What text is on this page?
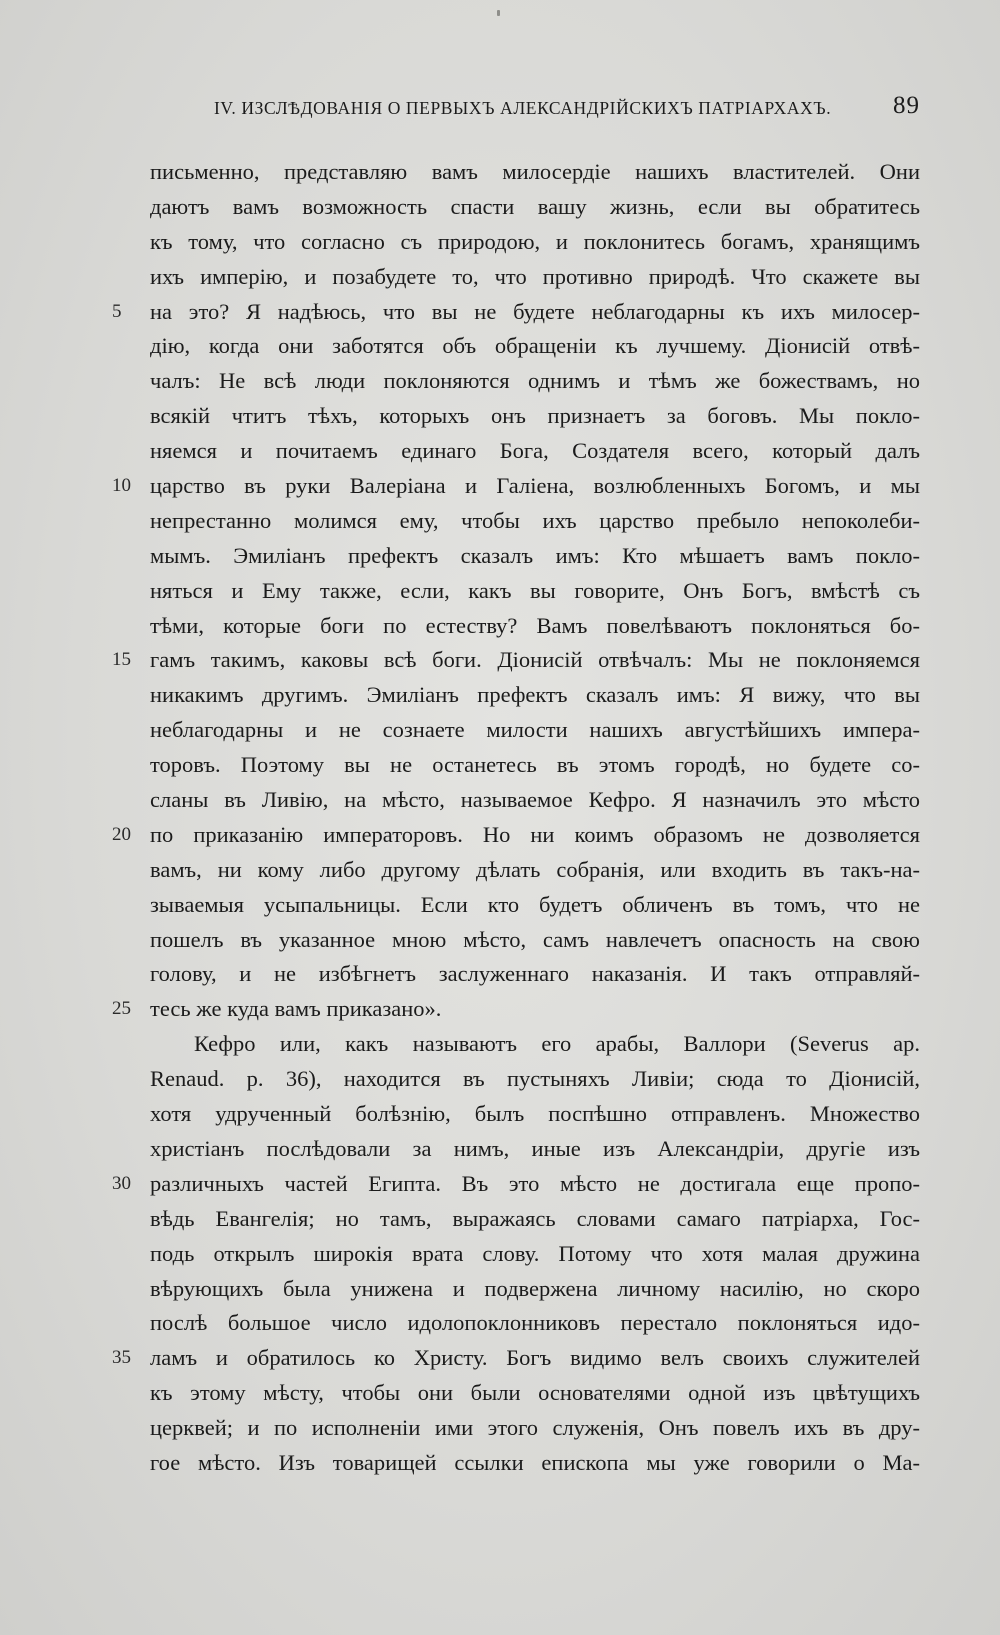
IV. ИЗСЛѢДОВАНІЯ О ПЕРВЫХЪ АЛЕКСАНДРІЙСКИХЪ ПАТРІАРХАХЪ. 89
письменно, представляю вамъ милосердіе нашихъ властителей. Они
даютъ вамъ возможность спасти вашу жизнь, если вы обратитесь
къ тому, что согласно съ природою, и поклонитесь богамъ, хранящимъ
ихъ имперію, и позабудете то, что противно природѣ. Что скажете вы
5	на это? Я надѣюсь, что вы не будете неблагодарны къ ихъ милосер-
дію, когда они заботятся объ обращеніи къ лучшему. Діонисій отвѣ-
чалъ: Не всѣ люди поклоняются однимъ и тѣмъ же божествамъ, но
всякій чтитъ тѣхъ, которыхъ онъ признаетъ за боговъ. Мы покло-
няемся и почитаемъ единаго Бога, Создателя всего, который далъ
10 царство въ руки Валеріана и Галіена, возлюбленныхъ Богомъ, и мы
непрестанно молимся ему, чтобы ихъ царство пребыло непоколеби-
мымъ. Эмиліанъ префектъ сказалъ имъ: Кто мѣшаетъ вамъ покло-
няться и Ему также, если, какъ вы говорите, Онъ Богъ, вмѣстѣ съ
тѣми, которые боги по естеству? Вамъ повелѣваютъ поклоняться бо-
15 гамъ такимъ, каковы всѣ боги. Діонисій отвѣчалъ: Мы не поклоняемся
никакимъ другимъ. Эмиліанъ префектъ сказалъ имъ: Я вижу, что вы
неблагодарны и не сознаете милости нашихъ августѣйшихъ импера-
торовъ. Поэтому вы не останетесь въ этомъ городѣ, но будете со-
сланы въ Ливію, на мѣсто, называемое Кефро. Я назначилъ это мѣсто
20 по приказанію императоровъ. Но ни коимъ образомъ не дозволяется
вамъ, ни кому либо другому дѣлать собранія, или входить въ такъ-на-
зываемыя усыпальницы. Если кто будетъ обличенъ въ томъ, что не
пошелъ въ указанное мною мѣсто, самъ навлечетъ опасность на свою
голову, и не избѣгнетъ заслуженнаго наказанія. И такъ отправляй-
25 тесь же куда вамъ приказано».
Кефро или, какъ называютъ его арабы, Валлори (Severus ap.
Renaud. p. 36), находится въ пустыняхъ Ливіи; сюда то Діонисій,
хотя удрученный болѣзнію, былъ поспѣшно отправленъ. Множество
христіанъ послѣдовали за нимъ, иные изъ Александріи, другіе изъ
30 различныхъ частей Египта. Въ это мѣсто не достигала еще пропо-
вѣдь Евангелія; но тамъ, выражаясь словами самаго патріарха, Гос-
подь открылъ широкія врата слову. Потому что хотя малая дружина
вѣрующихъ была унижена и подвержена личному насилію, но скоро
послѣ большое число идолопоклонниковъ перестало поклоняться идо-
35 ламъ и обратилось ко Христу. Богъ видимо велъ своихъ служителей
къ этому мѣсту, чтобы они были основателями одной изъ цвѣтущихъ
церквей; и по исполненіи ими этого служенія, Онъ повелъ ихъ въ дру-
гое мѣсто. Изъ товарищей ссылки епископа мы уже говорили о Ма-
